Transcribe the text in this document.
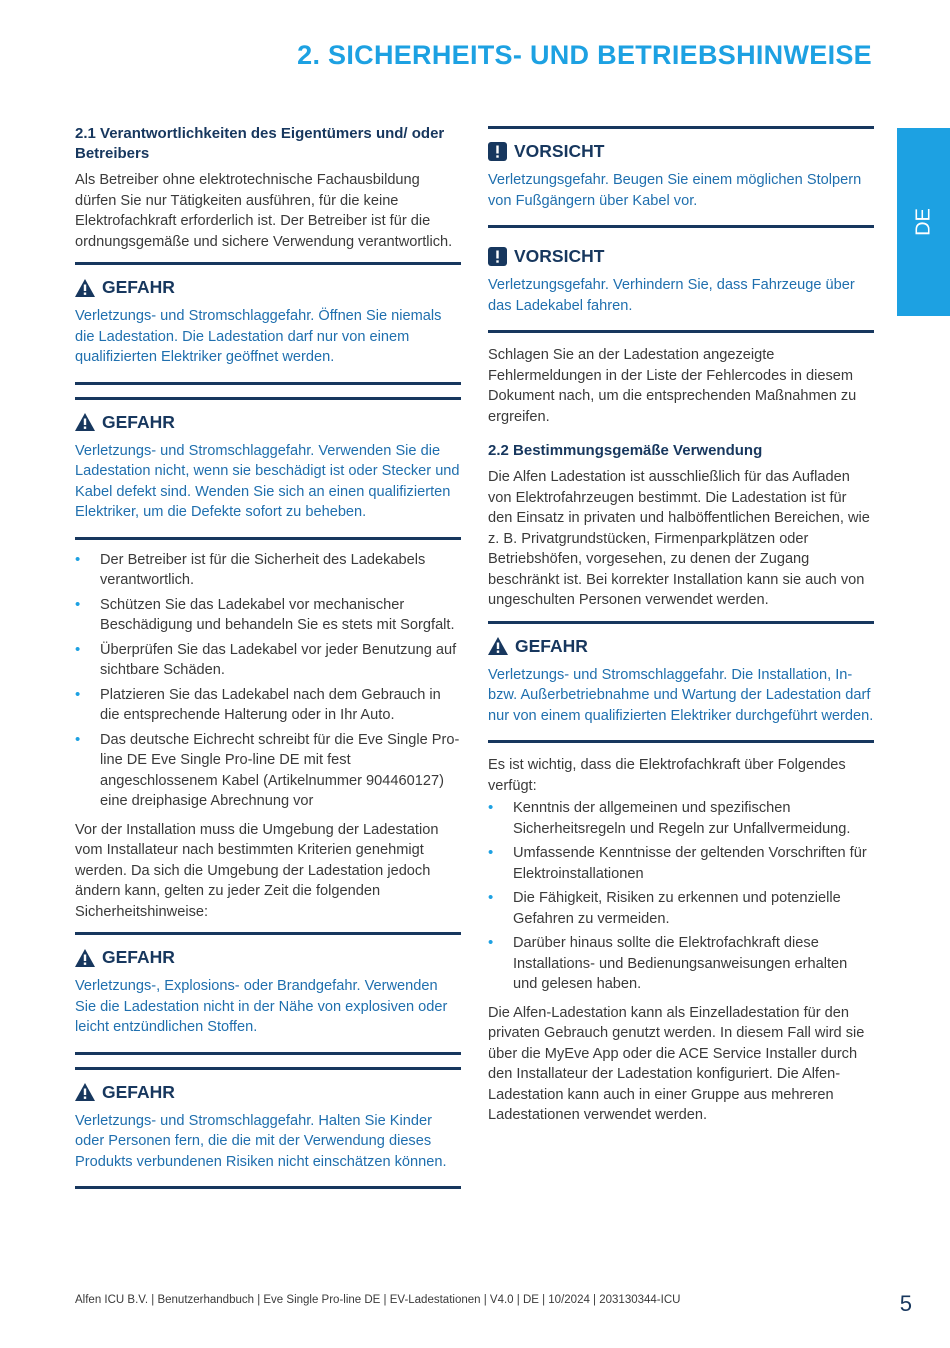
2. SICHERHEITS- UND BETRIEBSHINWEISE
DE
2.1 Verantwortlichkeiten des Eigentümers und/ oder Betreibers
Als Betreiber ohne elektrotechnische Fachausbildung dürfen Sie nur Tätigkeiten ausführen, für die keine Elektrofachkraft erforderlich ist. Der Betreiber ist für die ordnungsgemäße und sichere Verwendung verantwortlich.
GEFAHR
Verletzungs- und Stromschlaggefahr. Öffnen Sie niemals die Ladestation. Die Ladestation darf nur von einem qualifizierten Elektriker geöffnet werden.
GEFAHR
Verletzungs- und Stromschlaggefahr. Verwenden Sie die Ladestation nicht, wenn sie beschädigt ist oder Stecker und Kabel defekt sind. Wenden Sie sich an einen qualifizierten Elektriker, um die Defekte sofort zu beheben.
• Der Betreiber ist für die Sicherheit des Ladekabels verantwortlich.
• Schützen Sie das Ladekabel vor mechanischer Beschädigung und behandeln Sie es stets mit Sorgfalt.
• Überprüfen Sie das Ladekabel vor jeder Benutzung auf sichtbare Schäden.
• Platzieren Sie das Ladekabel nach dem Gebrauch in die entsprechende Halterung oder in Ihr Auto.
• Das deutsche Eichrecht schreibt für die Eve Single Pro-line DE Eve Single Pro-line DE mit fest angeschlossenem Kabel (Artikelnummer 904460127) eine dreiphasige Abrechnung vor
Vor der Installation muss die Umgebung der Ladestation vom Installateur nach bestimmten Kriterien genehmigt werden. Da sich die Umgebung der Ladestation jedoch ändern kann, gelten zu jeder Zeit die folgenden Sicherheitshinweise:
GEFAHR
Verletzungs-, Explosions- oder Brandgefahr. Verwenden Sie die Ladestation nicht in der Nähe von explosiven oder leicht entzündlichen Stoffen.
GEFAHR
Verletzungs- und Stromschlaggefahr. Halten Sie Kinder oder Personen fern, die die mit der Verwendung dieses Produkts verbundenen Risiken nicht einschätzen können.
VORSICHT
Verletzungsgefahr. Beugen Sie einem möglichen Stolpern von Fußgängern über Kabel vor.
VORSICHT
Verletzungsgefahr. Verhindern Sie, dass Fahrzeuge über das Ladekabel fahren.
Schlagen Sie an der Ladestation angezeigte Fehlermeldungen in der Liste der Fehlercodes in diesem Dokument nach, um die entsprechenden Maßnahmen zu ergreifen.
2.2 Bestimmungsgemäße Verwendung
Die Alfen Ladestation ist ausschließlich für das Aufladen von Elektrofahrzeugen bestimmt. Die Ladestation ist für den Einsatz in privaten und halböffentlichen Bereichen, wie z. B. Privatgrundstücken, Firmenparkplätzen oder Betriebshöfen, vorgesehen, zu denen der Zugang beschränkt ist. Bei korrekter Installation kann sie auch von ungeschulten Personen verwendet werden.
GEFAHR
Verletzungs- und Stromschlaggefahr. Die Installation, In- bzw. Außerbetriebnahme und Wartung der Ladestation darf nur von einem qualifizierten Elektriker durchgeführt werden.
Es ist wichtig, dass die Elektrofachkraft über Folgendes verfügt:
• Kenntnis der allgemeinen und spezifischen Sicherheitsregeln und Regeln zur Unfallvermeidung.
• Umfassende Kenntnisse der geltenden Vorschriften für Elektroinstallationen
• Die Fähigkeit, Risiken zu erkennen und potenzielle Gefahren zu vermeiden.
• Darüber hinaus sollte die Elektrofachkraft diese Installations- und Bedienungsanweisungen erhalten und gelesen haben.
Die Alfen-Ladestation kann als Einzelladestation für den privaten Gebrauch genutzt werden. In diesem Fall wird sie über die MyEve App oder die ACE Service Installer durch den Installateur der Ladestation konfiguriert. Die Alfen-Ladestation kann auch in einer Gruppe aus mehreren Ladestationen verwendet werden.
Alfen ICU B.V. | Benutzerhandbuch | Eve Single Pro-line DE | EV-Ladestationen | V4.0 | DE | 10/2024 | 203130344-ICU	5
